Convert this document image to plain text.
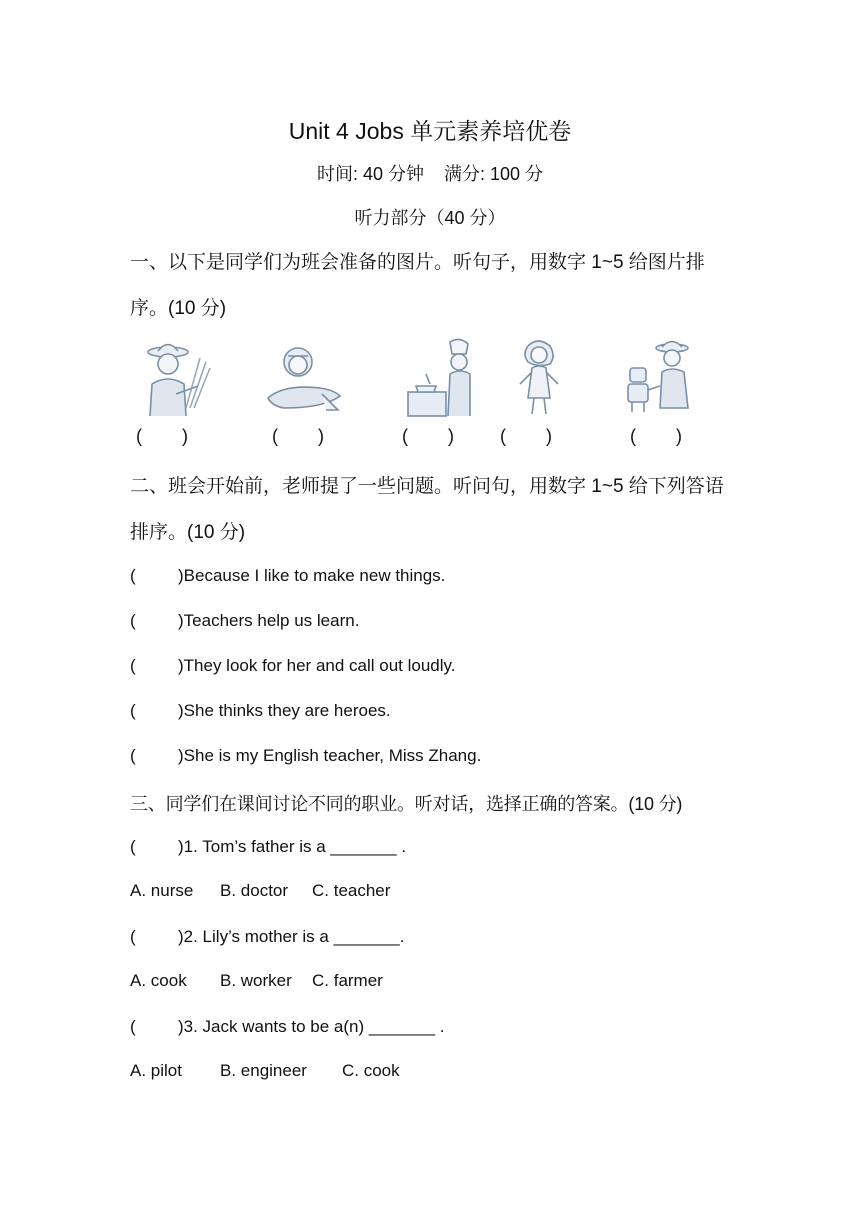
Unit 4 Jobs 单元素养培优卷
时间: 40 分钟 满分: 100 分
听力部分（40 分）
一、以下是同学们为班会准备的图片。听句子，用数字 1~5 给图片排序。(10 分)
(        )	(        )	(        )	(        )	(        )
二、班会开始前，老师提了一些问题。听问句，用数字 1~5 给下列答语排序。(10 分)
( )Because I like to make new things.
( )Teachers help us learn.
( )They look for her and call out loudly.
( )She thinks they are heroes.
( )She is my English teacher, Miss Zhang.
三、同学们在课间讨论不同的职业。听对话，选择正确的答案。(10 分)
( )1. Tom’s father is a _______ .
A. nurse B. doctor C. teacher
( )2. Lily’s mother is a _______.
A. cook B. worker C. farmer
( )3. Jack wants to be a(n) _______ .
A. pilot B. engineer C. cook
